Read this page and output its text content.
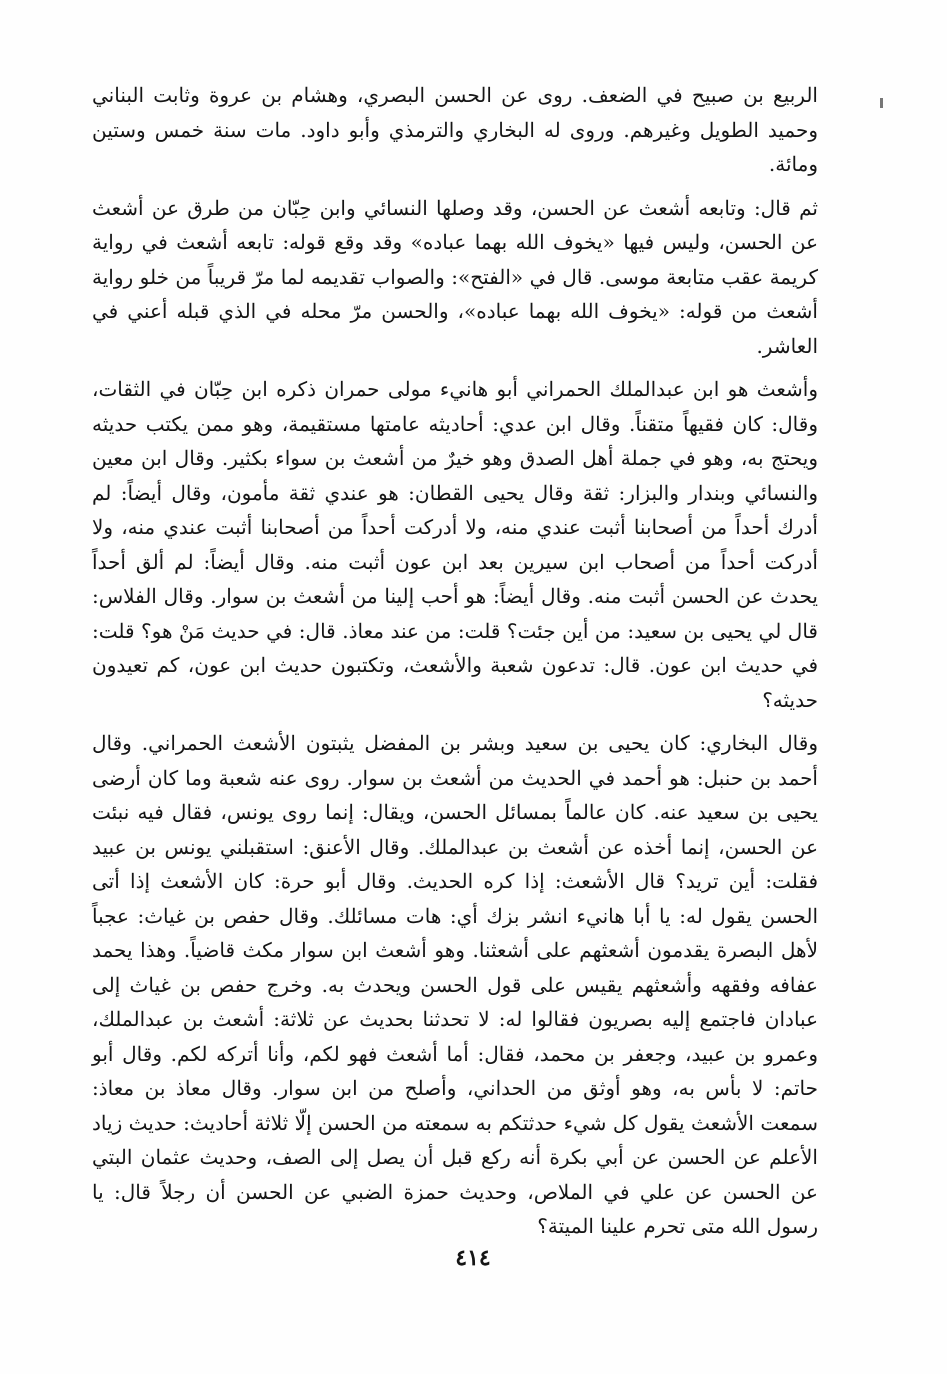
الربيع بن صبيح في الضعف. روى عن الحسن البصري، وهشام بن عروة وثابت البناني وحميد الطويل وغيرهم. وروى له البخاري والترمذي وأبو داود. مات سنة خمس وستين ومائة.

ثم قال: وتابعه أشعث عن الحسن، وقد وصلها النسائي وابن حِبّان من طرق عن أشعث عن الحسن، وليس فيها «يخوف الله بهما عباده» وقد وقع قوله: تابعه أشعث في رواية كريمة عقب متابعة موسى. قال في «الفتح»: والصواب تقديمه لما مرّ قريباً من خلو رواية أشعث من قوله: «يخوف الله بهما عباده»، والحسن مرّ محله في الذي قبله أعني في العاشر.

وأشعث هو ابن عبدالملك الحمراني أبو هانيء مولى حمران ذكره ابن حِبّان في الثقات، وقال: كان فقيهاً متقناً. وقال ابن عدي: أحاديثه عامتها مستقيمة، وهو ممن يكتب حديثه ويحتج به، وهو في جملة أهل الصدق وهو خيرٌ من أشعث بن سواء بكثير. وقال ابن معين والنسائي وبندار والبزار: ثقة وقال يحيى القطان: هو عندي ثقة مأمون، وقال أيضاً: لم أدرك أحداً من أصحابنا أثبت عندي منه، ولا أدركت أحداً من أصحابنا أثبت عندي منه، ولا أدركت أحداً من أصحاب ابن سيرين بعد ابن عون أثبت منه. وقال أيضاً: لم ألق أحداً يحدث عن الحسن أثبت منه. وقال أيضاً: هو أحب إلينا من أشعث بن سوار. وقال الفلاس: قال لي يحيى بن سعيد: من أين جئت؟ قلت: من عند معاذ. قال: في حديث مَنْ هو؟ قلت: في حديث ابن عون. قال: تدعون شعبة والأشعث، وتكتبون حديث ابن عون، كم تعيدون حديثه؟

وقال البخاري: كان يحيى بن سعيد وبشر بن المفضل يثبتون الأشعث الحمراني. وقال أحمد بن حنبل: هو أحمد في الحديث من أشعث بن سوار. روى عنه شعبة وما كان أرضى يحيى بن سعيد عنه. كان عالماً بمسائل الحسن، ويقال: إنما روى يونس، فقال فيه نبئت عن الحسن، إنما أخذه عن أشعث بن عبدالملك. وقال الأعنق: استقبلني يونس بن عبيد فقلت: أين تريد؟ قال الأشعث: إذا كره الحديث. وقال أبو حرة: كان الأشعث إذا أتى الحسن يقول له: يا أبا هانيء انشر بزك أي: هات مسائلك. وقال حفص بن غياث: عجباً لأهل البصرة يقدمون أشعثهم على أشعثنا. وهو أشعث ابن سوار مكث قاضياً. وهذا يحمد عفافه وفقهه وأشعثهم يقيس على قول الحسن ويحدث به. وخرج حفص بن غياث إلى عبادان فاجتمع إليه بصريون فقالوا له: لا تحدثنا بحديث عن ثلاثة: أشعث بن عبدالملك، وعمرو بن عبيد، وجعفر بن محمد، فقال: أما أشعث فهو لكم، وأنا أتركه لكم. وقال أبو حاتم: لا بأس به، وهو أوثق من الحداني، وأصلح من ابن سوار. وقال معاذ بن معاذ: سمعت الأشعث يقول كل شيء حدثتكم به سمعته من الحسن إلّا ثلاثة أحاديث: حديث زياد الأعلم عن الحسن عن أبي بكرة أنه ركع قبل أن يصل إلى الصف، وحديث عثمان البتي عن الحسن عن علي في الملاص، وحديث حمزة الضبي عن الحسن أن رجلاً قال: يا رسول الله متى تحرم علينا الميتة؟

٤١٤
